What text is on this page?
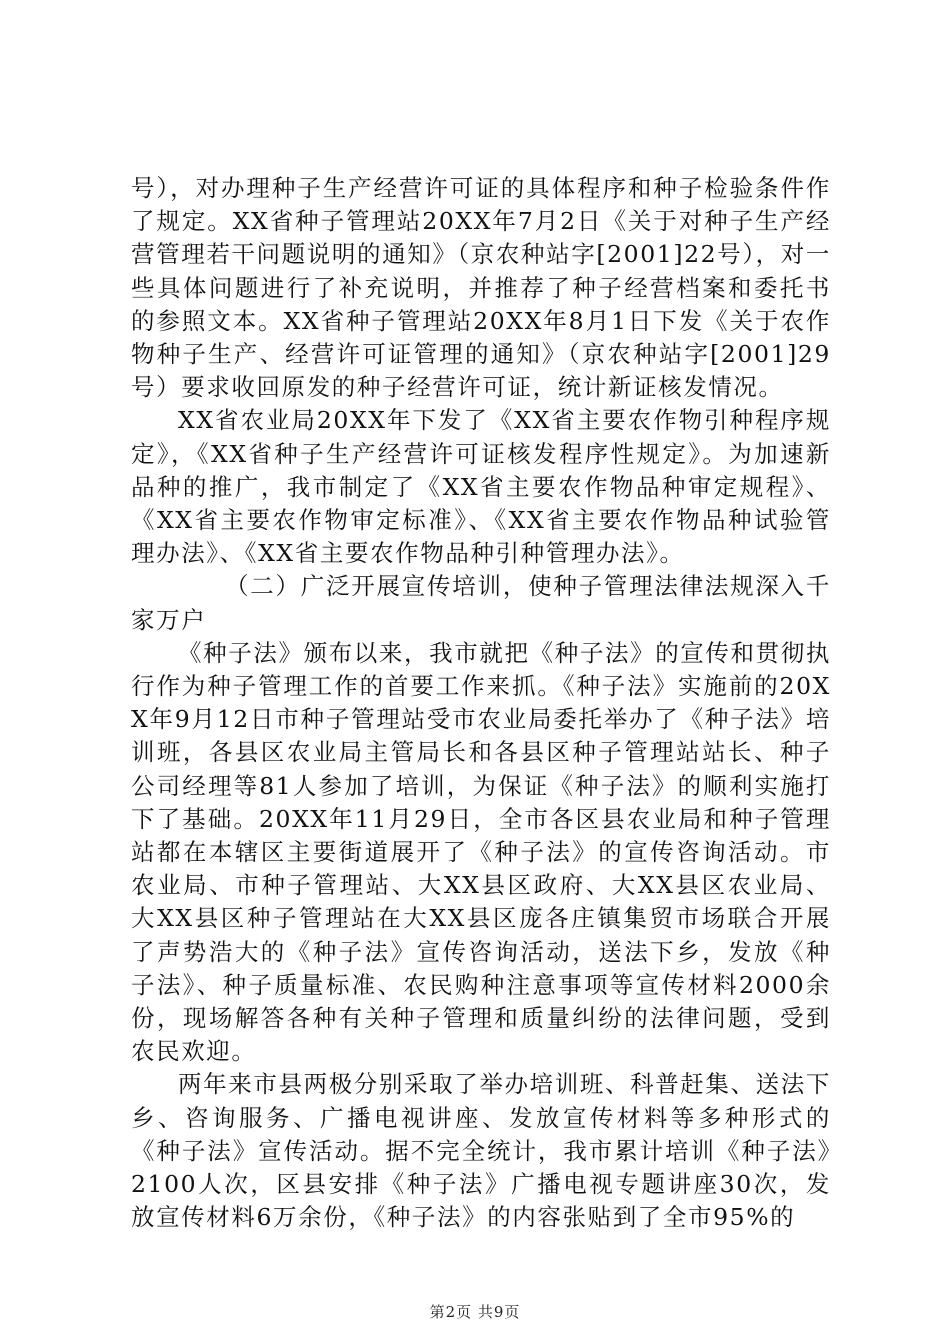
号），对办理种子生产经营许可证的具体程序和种子检验条件作了规定。XX省种子管理站20XX年7月2日《关于对种子生产经营管理若干问题说明的通知》（京农种站字[2001]22号），对一些具体问题进行了补充说明，并推荐了种子经营档案和委托书的参照文本。XX省种子管理站20XX年8月1日下发《关于农作物种子生产、经营许可证管理的通知》（京农种站字[2001]29号）要求收回原发的种子经营许可证，统计新证核发情况。

XX省农业局20XX年下发了《XX省主要农作物引种程序规定》，《XX省种子生产经营许可证核发程序性规定》。为加速新品种的推广，我市制定了《XX省主要农作物品种审定规程》、《XX省主要农作物审定标准》、《XX省主要农作物品种试验管理办法》、《XX省主要农作物品种引种管理办法》。

（二）广泛开展宣传培训，使种子管理法律法规深入千家万户

《种子法》颁布以来，我市就把《种子法》的宣传和贯彻执行作为种子管理工作的首要工作来抓。《种子法》实施前的20XX年9月12日市种子管理站受市农业局委托举办了《种子法》培训班，各县区农业局主管局长和各县区种子管理站站长、种子公司经理等81人参加了培训，为保证《种子法》的顺利实施打下了基础。20XX年11月29日，全市各区县农业局和种子管理站都在本辖区主要街道展开了《种子法》的宣传咨询活动。市农业局、市种子管理站、大XX县区政府、大XX县区农业局、大XX县区种子管理站在大XX县区庞各庄镇集贸市场联合开展了声势浩大的《种子法》宣传咨询活动，送法下乡，发放《种子法》、种子质量标准、农民购种注意事项等宣传材料2000余份，现场解答各种有关种子管理和质量纠纷的法律问题，受到农民欢迎。

两年来市县两极分别采取了举办培训班、科普赶集、送法下乡、咨询服务、广播电视讲座、发放宣传材料等多种形式的《种子法》宣传活动。据不完全统计，我市累计培训《种子法》2100人次，区县安排《种子法》广播电视专题讲座30次，发放宣传材料6万余份，《种子法》的内容张贴到了全市95%的

第2页 共9页
